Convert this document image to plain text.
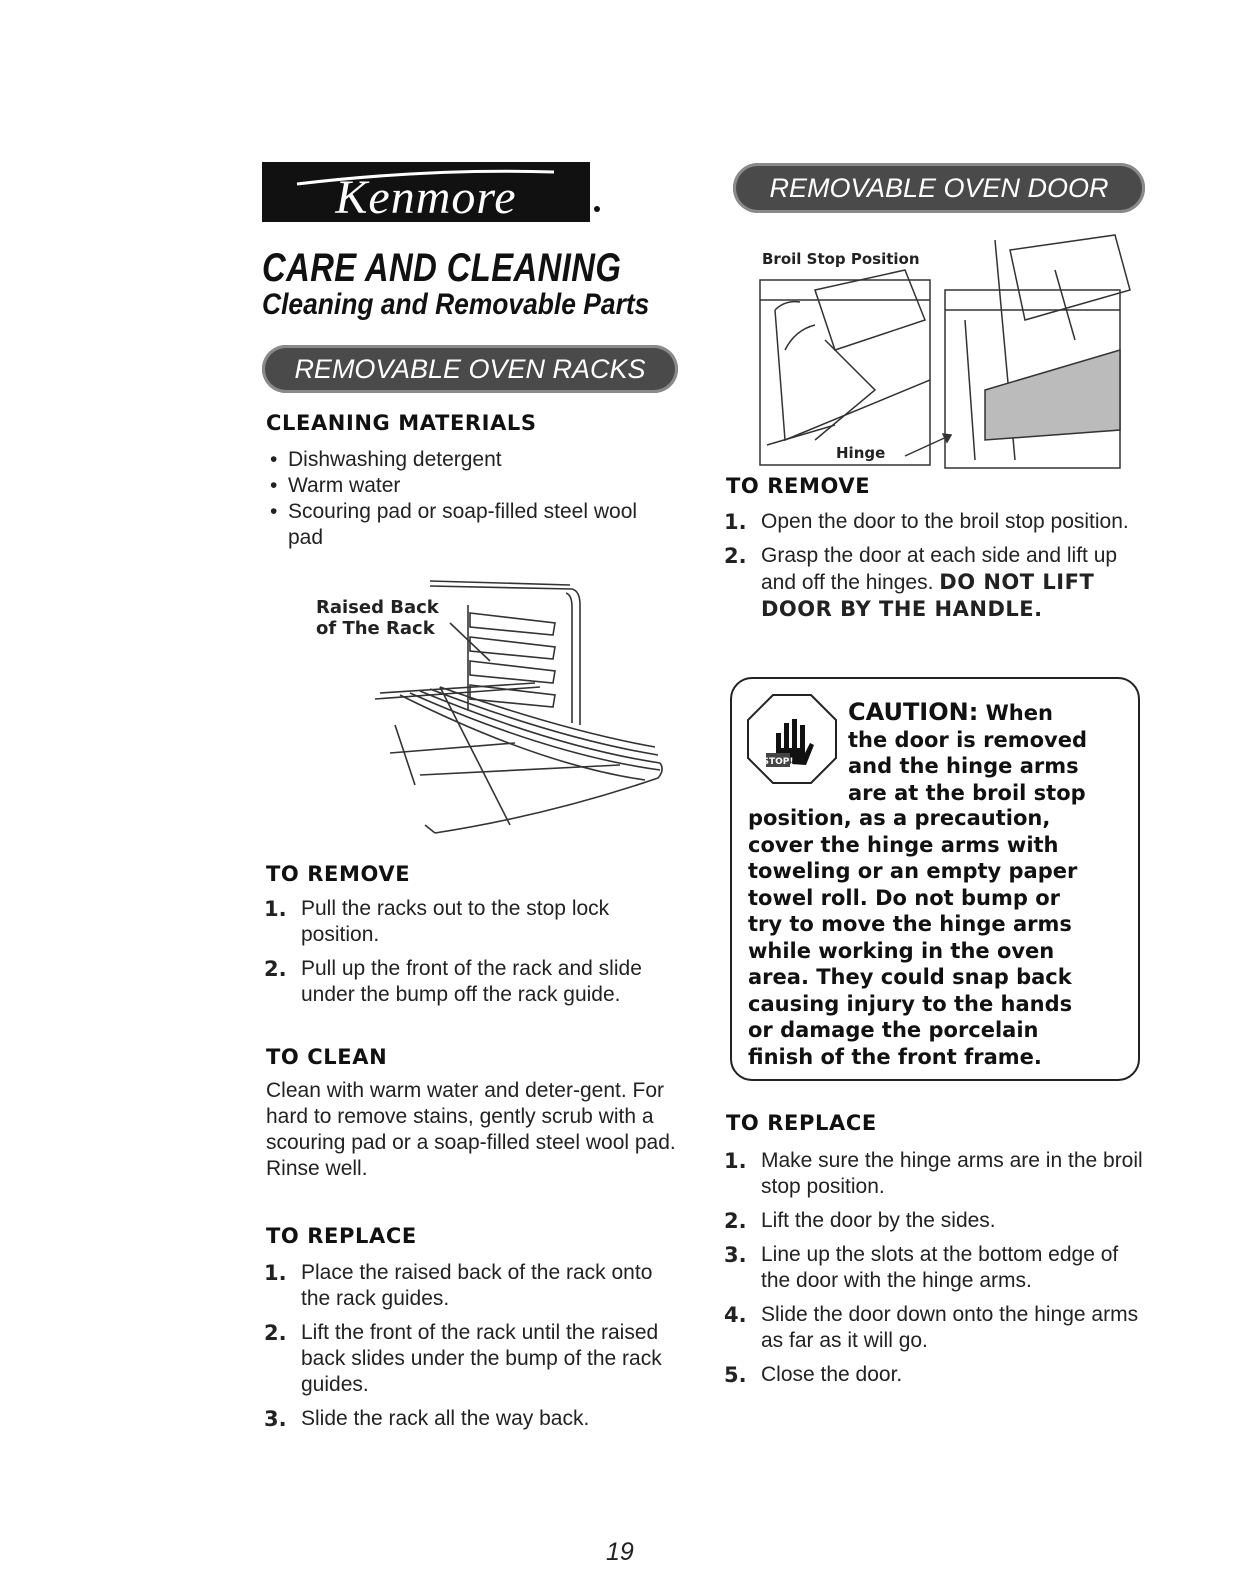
Kenmore
CARE AND CLEANING
Cleaning and Removable Parts
REMOVABLE OVEN RACKS
CLEANING MATERIALS
• Dishwashing detergent
• Warm water
• Scouring pad or soap-filled steel wool pad
Raised Back
of The Rack
TO REMOVE
1. Pull the racks out to the stop lock position.
2. Pull up the front of the rack and slide under the bump off the rack guide.
TO CLEAN
Clean with warm water and deter-gent. For hard to remove stains, gently scrub with a scouring pad or a soap-filled steel wool pad. Rinse well.
TO REPLACE
1. Place the raised back of the rack onto the rack guides.
2. Lift the front of the rack until the raised back slides under the bump of the rack guides.
3. Slide the rack all the way back.
REMOVABLE OVEN DOOR
Broil Stop Position
Hinge
TO REMOVE
1. Open the door to the broil stop position.
2. Grasp the door at each side and lift up and off the hinges. DO NOT LIFT DOOR BY THE HANDLE.
STOP!
CAUTION: When
the door is removed
and the hinge arms
are at the broil stop
position, as a precaution,
cover the hinge arms with
toweling or an empty paper
towel roll. Do not bump or
try to move the hinge arms
while working in the oven
area. They could snap back
causing injury to the hands
or damage the porcelain
finish of the front frame.
TO REPLACE
1. Make sure the hinge arms are in the broil stop position.
2. Lift the door by the sides.
3. Line up the slots at the bottom edge of the door with the hinge arms.
4. Slide the door down onto the hinge arms as far as it will go.
5. Close the door.
19
